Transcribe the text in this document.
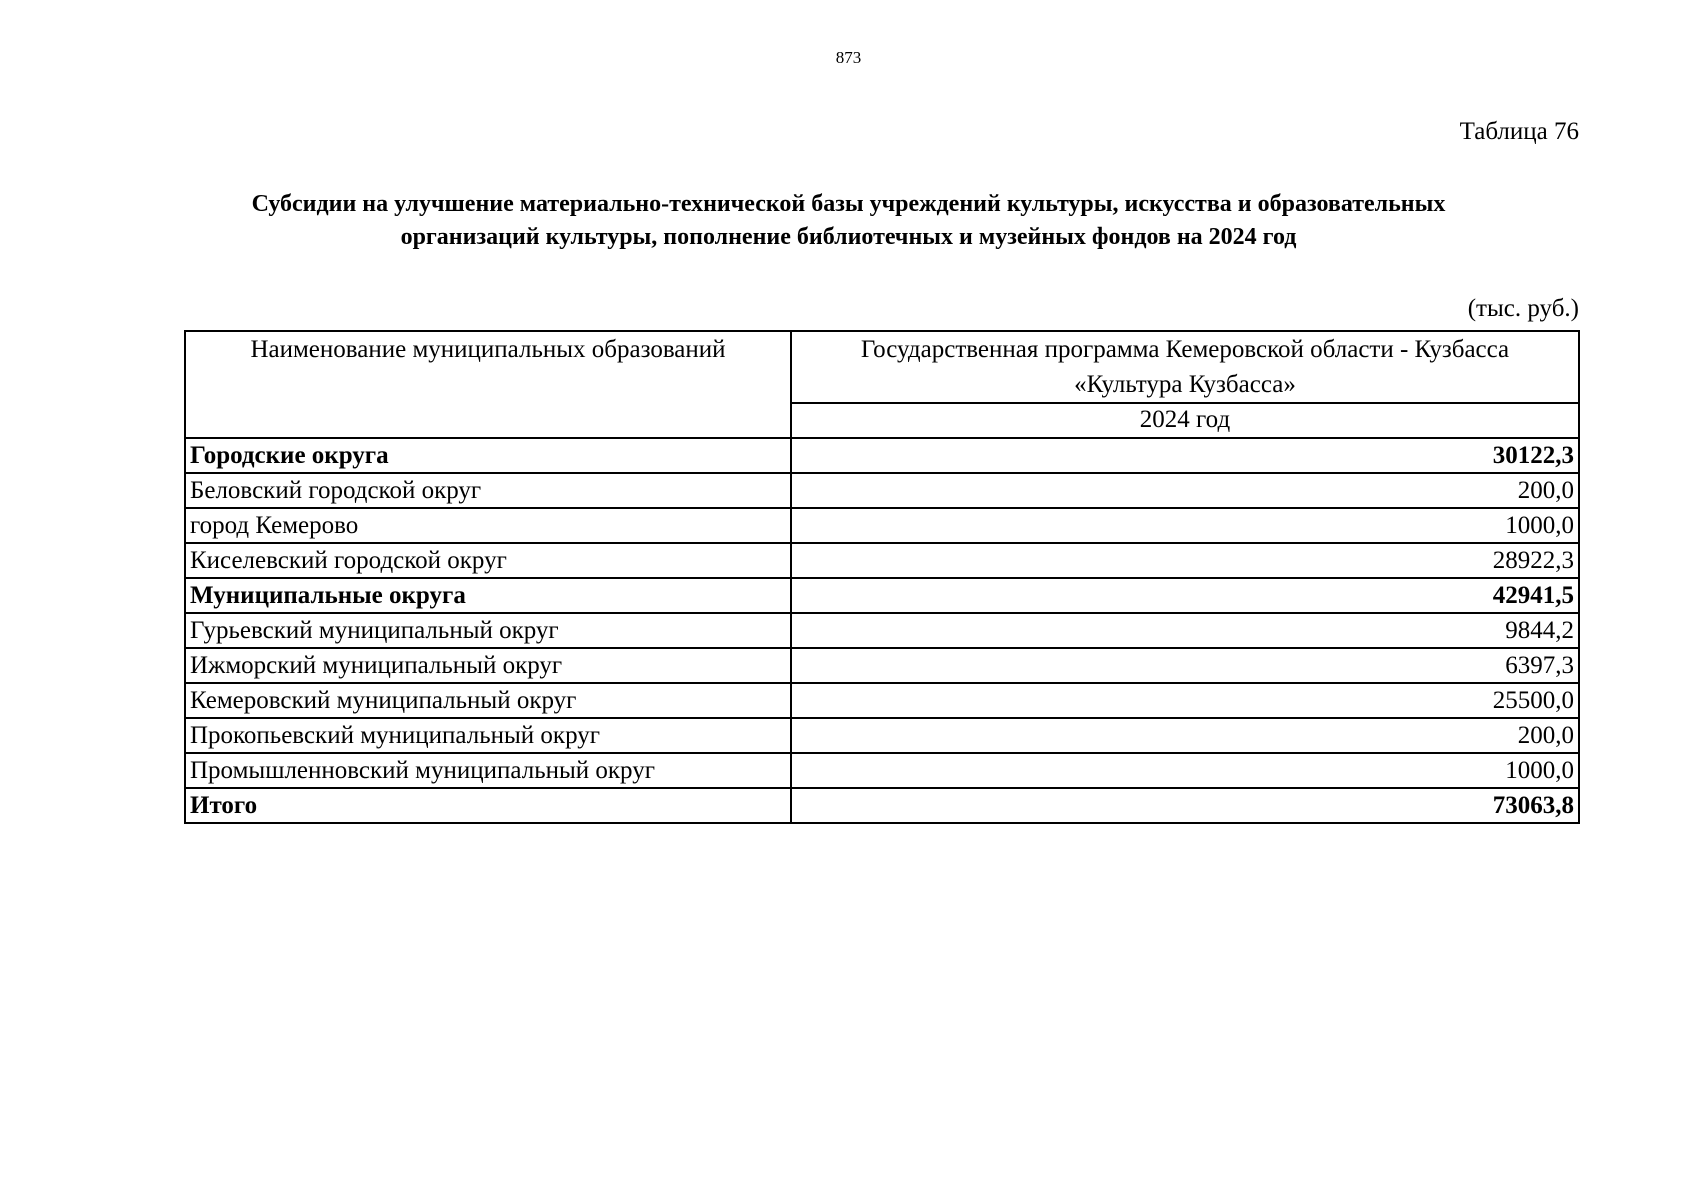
873
Таблица 76
Субсидии на улучшение материально-технической базы учреждений культуры, искусства и образовательных
организаций культуры, пополнение библиотечных и музейных фондов на 2024 год
(тыс. руб.)
Наименование муниципальных образований	Государственная программа Кемеровской области - Кузбасса
«Культура Кузбасса»

	2024 год
Городские округа	30122,3
Беловский городской округ	200,0
город Кемерово	1000,0
Киселевский городской округ	28922,3
Муниципальные округа	42941,5
Гурьевский муниципальный округ	9844,2
Ижморский муниципальный округ	6397,3
Кемеровский муниципальный округ	25500,0
Прокопьевский муниципальный округ	200,0
Промышленновский муниципальный округ	1000,0
Итого	73063,8
